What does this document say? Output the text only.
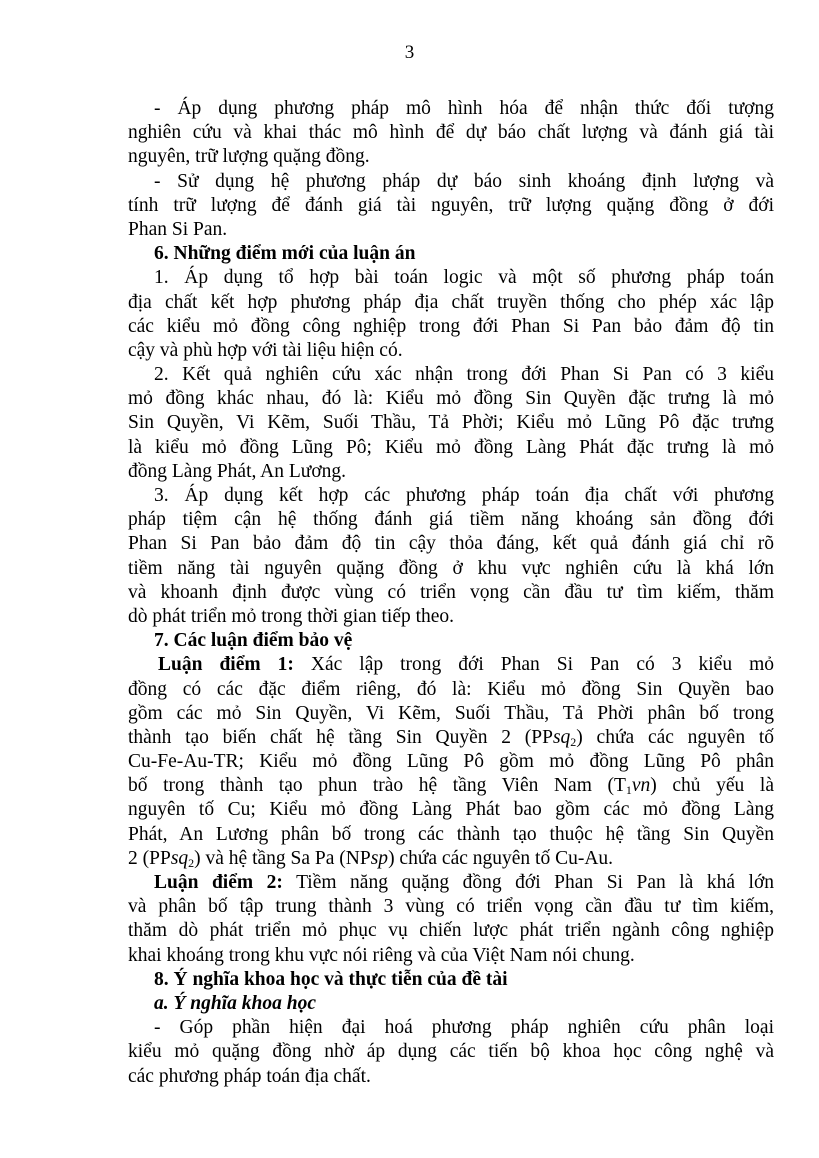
3
- Áp dụng phương pháp mô hình hóa để nhận thức đối tượng
nghiên cứu và khai thác mô hình để dự báo chất lượng và đánh giá tài
nguyên, trữ lượng quặng đồng.
- Sử dụng hệ phương pháp dự báo sinh khoáng định lượng và
tính trữ lượng để đánh giá tài nguyên, trữ lượng quặng đồng ở đới
Phan Si Pan.
6. Những điểm mới của luận án
1. Áp dụng tổ hợp bài toán logic và một số phương pháp toán
địa chất kết hợp phương pháp địa chất truyền thống cho phép xác lập
các kiểu mỏ đồng công nghiệp trong đới Phan Si Pan bảo đảm độ tin
cậy và phù hợp với tài liệu hiện có.
2. Kết quả nghiên cứu xác nhận trong đới Phan Si Pan có 3 kiểu
mỏ đồng khác nhau, đó là: Kiểu mỏ đồng Sin Quyền đặc trưng là mỏ
Sin Quyền, Vi Kẽm, Suối Thầu, Tả Phời; Kiểu mỏ Lũng Pô đặc trưng
là kiểu mỏ đồng Lũng Pô; Kiểu mỏ đồng Làng Phát đặc trưng là mỏ
đồng Làng Phát, An Lương.
3. Áp dụng kết hợp các phương pháp toán địa chất với phương
pháp tiệm cận hệ thống đánh giá tiềm năng khoáng sản đồng đới
Phan Si Pan bảo đảm độ tin cậy thỏa đáng, kết quả đánh giá chỉ rõ
tiềm năng tài nguyên quặng đồng ở khu vực nghiên cứu là khá lớn
và khoanh định được vùng có triển vọng cần đầu tư tìm kiếm, thăm
dò phát triển mỏ trong thời gian tiếp theo.
7. Các luận điểm bảo vệ
Luận điểm 1: Xác lập trong đới Phan Si Pan có 3 kiểu mỏ
đồng có các đặc điểm riêng, đó là: Kiểu mỏ đồng Sin Quyền bao
gồm các mỏ Sin Quyền, Vi Kẽm, Suối Thầu, Tả Phời phân bố trong
thành tạo biến chất hệ tầng Sin Quyền 2 (PPsq$_2$) chứa các nguyên tố
Cu-Fe-Au-TR; Kiểu mỏ đồng Lũng Pô gồm mỏ đồng Lũng Pô phân
bố trong thành tạo phun trào hệ tầng Viên Nam $(T_1vn)$ chủ yếu là
nguyên tố Cu; Kiểu mỏ đồng Làng Phát bao gồm các mỏ đồng Làng
Phát, An Lương phân bố trong các thành tạo thuộc hệ tầng Sin Quyền
2 (PPsq$_2$) và hệ tầng Sa Pa (NPsp) chứa các nguyên tố Cu-Au.
Luận điểm 2: Tiềm năng quặng đồng đới Phan Si Pan là khá lớn
và phân bố tập trung thành 3 vùng có triển vọng cần đầu tư tìm kiếm,
thăm dò phát triển mỏ phục vụ chiến lược phát triển ngành công nghiệp
khai khoáng trong khu vực nói riêng và của Việt Nam nói chung.
8. Ý nghĩa khoa học và thực tiễn của đề tài
a. Ý nghĩa khoa học
- Góp phần hiện đại hoá phương pháp nghiên cứu phân loại
kiểu mỏ quặng đồng nhờ áp dụng các tiến bộ khoa học công nghệ và
các phương pháp toán địa chất.
